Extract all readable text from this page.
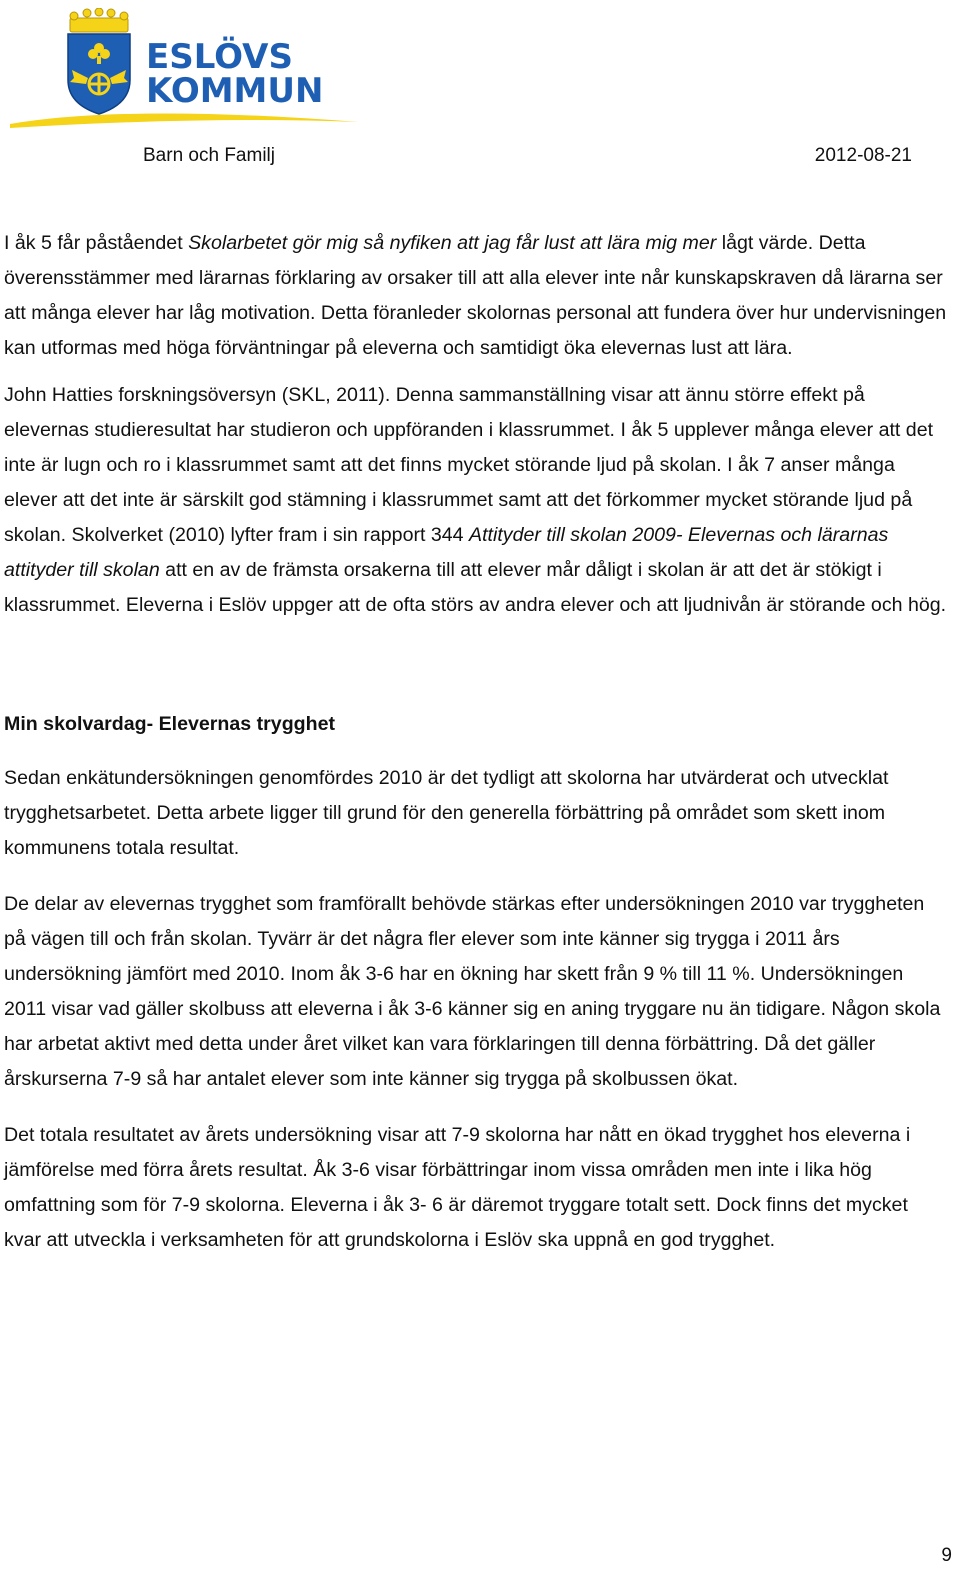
ESLÖVS
KOMMUN
Barn och Familj	2012-08-21

I åk 5 får påståendet Skolarbetet gör mig så nyfiken att jag får lust att lära mig mer lågt värde. Detta överensstämmer med lärarnas förklaring av orsaker till att alla elever inte når kunskapskraven då lärarna ser att många elever har låg motivation. Detta föranleder skolornas personal att fundera över hur undervisningen kan utformas med höga förväntningar på eleverna och samtidigt öka elevernas lust att lära.

John Hatties forskningsöversyn (SKL, 2011). Denna sammanställning visar att ännu större effekt på elevernas studieresultat har studieron och uppföranden i klassrummet. I åk 5 upplever många elever att det inte är lugn och ro i klassrummet samt att det finns mycket störande ljud på skolan. I åk 7 anser många elever att det inte är särskilt god stämning i klassrummet samt att det förkommer mycket störande ljud på skolan. Skolverket (2010) lyfter fram i sin rapport 344 Attityder till skolan 2009- Elevernas och lärarnas attityder till skolan att en av de främsta orsakerna till att elever mår dåligt i skolan är att det är stökigt i klassrummet. Eleverna i Eslöv uppger att de ofta störs av andra elever och att ljudnivån är störande och hög.

Min skolvardag- Elevernas trygghet

Sedan enkätundersökningen genomfördes 2010 är det tydligt att skolorna har utvärderat och utvecklat trygghetsarbetet. Detta arbete ligger till grund för den generella förbättring på området som skett inom kommunens totala resultat.

De delar av elevernas trygghet som framförallt behövde stärkas efter undersökningen 2010 var tryggheten på vägen till och från skolan. Tyvärr är det några fler elever som inte känner sig trygga i 2011 års undersökning jämfört med 2010. Inom åk 3-6 har en ökning har skett från 9 % till 11 %. Undersökningen 2011 visar vad gäller skolbuss att eleverna i åk 3-6 känner sig en aning tryggare nu än tidigare. Någon skola har arbetat aktivt med detta under året vilket kan vara förklaringen till denna förbättring. Då det gäller årskurserna 7-9 så har antalet elever som inte känner sig trygga på skolbussen ökat.

Det totala resultatet av årets undersökning visar att 7-9 skolorna har nått en ökad trygghet hos eleverna i jämförelse med förra årets resultat. Åk 3-6 visar förbättringar inom vissa områden men inte i lika hög omfattning som för 7-9 skolorna. Eleverna i åk 3- 6 är däremot tryggare totalt sett. Dock finns det mycket kvar att utveckla i verksamheten för att grundskolorna i Eslöv ska uppnå en god trygghet.

9
